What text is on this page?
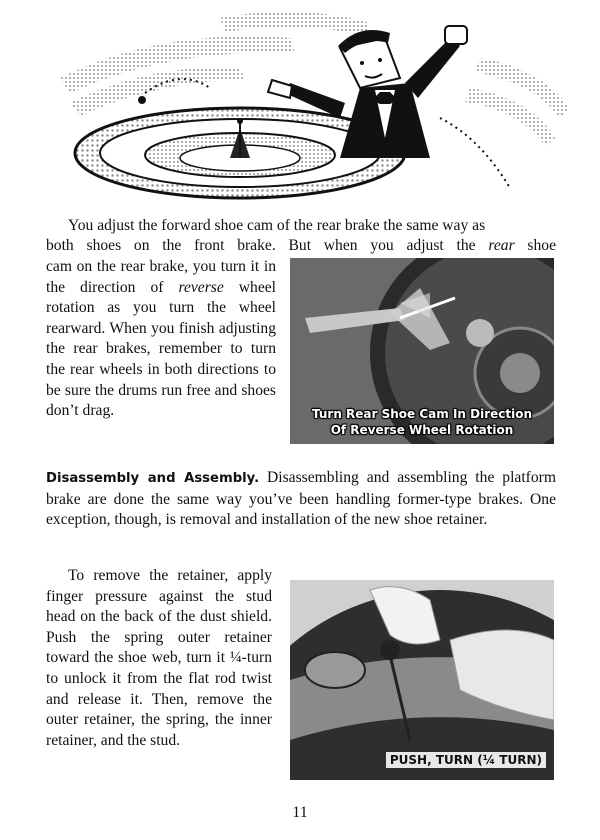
You adjust the forward shoe cam of the rear brake the same way as

both shoes on the front brake. But when you adjust the rear shoe

cam on the rear brake, you turn it in the direction of reverse wheel rotation as you turn the wheel rearward. When you finish adjusting the rear brakes, remember to turn the rear wheels in both directions to be sure the drums run free and shoes don’t drag.	Turn Rear Shoe Cam In Direction
Of Reverse Wheel Rotation

Disassembly and Assembly. Disassembling and assembling the platform brake are done the same way you’ve been handling former-type brakes. One exception, though, is removal and installation of the new shoe retainer.

To remove the retainer, apply finger pressure against the stud head on the back of the dust shield. Push the spring outer retainer toward the shoe web, turn it ¼-turn to unlock it from the flat rod twist and release it. Then, remove the outer retainer, the spring, the inner retainer, and the stud.

PUSH, TURN (¼ TURN)
11
